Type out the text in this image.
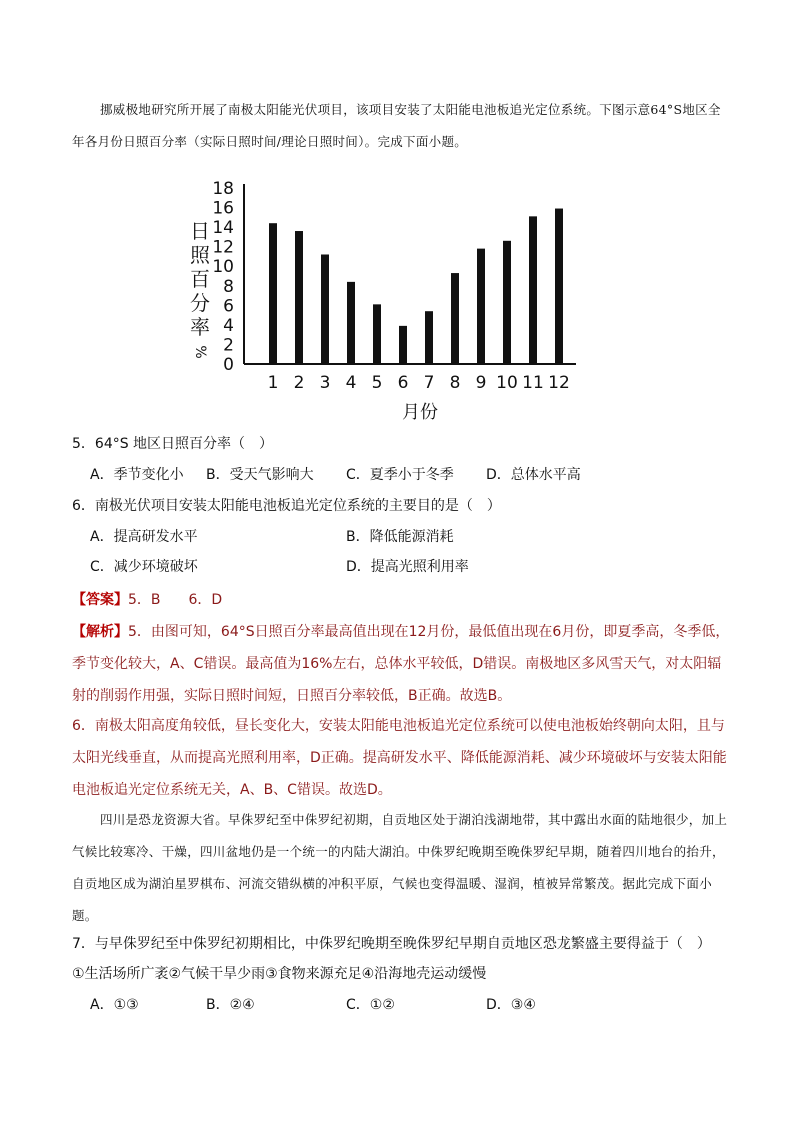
挪威极地研究所开展了南极太阳能光伏项目，该项目安装了太阳能电池板追光定位系统。下图示意64°S地区全年各月份日照百分率（实际日照时间/理论日照时间）。完成下面小题。
0
2
4
6
8
10
12
14
16
18
日
照
百
分
率
%
1 2 3 4 5 6 7 8 9 10 11 12
月份
5．64°S 地区日照百分率（　）
A．季节变化小 B．受天气影响大 C．夏季小于冬季 D．总体水平高
6．南极光伏项目安装太阳能电池板追光定位系统的主要目的是（　）
A．提高研发水平	B．降低能源消耗
C．减少环境破坏	D．提高光照利用率
【答案】5．B　　6．D
【解析】5．由图可知，64°S日照百分率最高值出现在12月份，最低值出现在6月份，即夏季高，冬季低，季节变化较大，A、C错误。最高值为16%左右，总体水平较低，D错误。南极地区多风雪天气，对太阳辐射的削弱作用强，实际日照时间短，日照百分率较低，B正确。故选B。
6．南极太阳高度角较低，昼长变化大，安装太阳能电池板追光定位系统可以使电池板始终朝向太阳，且与太阳光线垂直，从而提高光照利用率，D正确。提高研发水平、降低能源消耗、减少环境破坏与安装太阳能电池板追光定位系统无关，A、B、C错误。故选D。
四川是恐龙资源大省。早侏罗纪至中侏罗纪初期，自贡地区处于湖泊浅湖地带，其中露出水面的陆地很少，加上气候比较寒冷、干燥，四川盆地仍是一个统一的内陆大湖泊。中侏罗纪晚期至晚侏罗纪早期，随着四川地台的抬升，自贡地区成为湖泊星罗棋布、河流交错纵横的冲积平原，气候也变得温暖、湿润，植被异常繁茂。据此完成下面小题。
7．与早侏罗纪至中侏罗纪初期相比，中侏罗纪晚期至晚侏罗纪早期自贡地区恐龙繁盛主要得益于（　）
①生活场所广袤②气候干旱少雨③食物来源充足④沿海地壳运动缓慢
A．①③	B．②④	C．①②	D．③④
